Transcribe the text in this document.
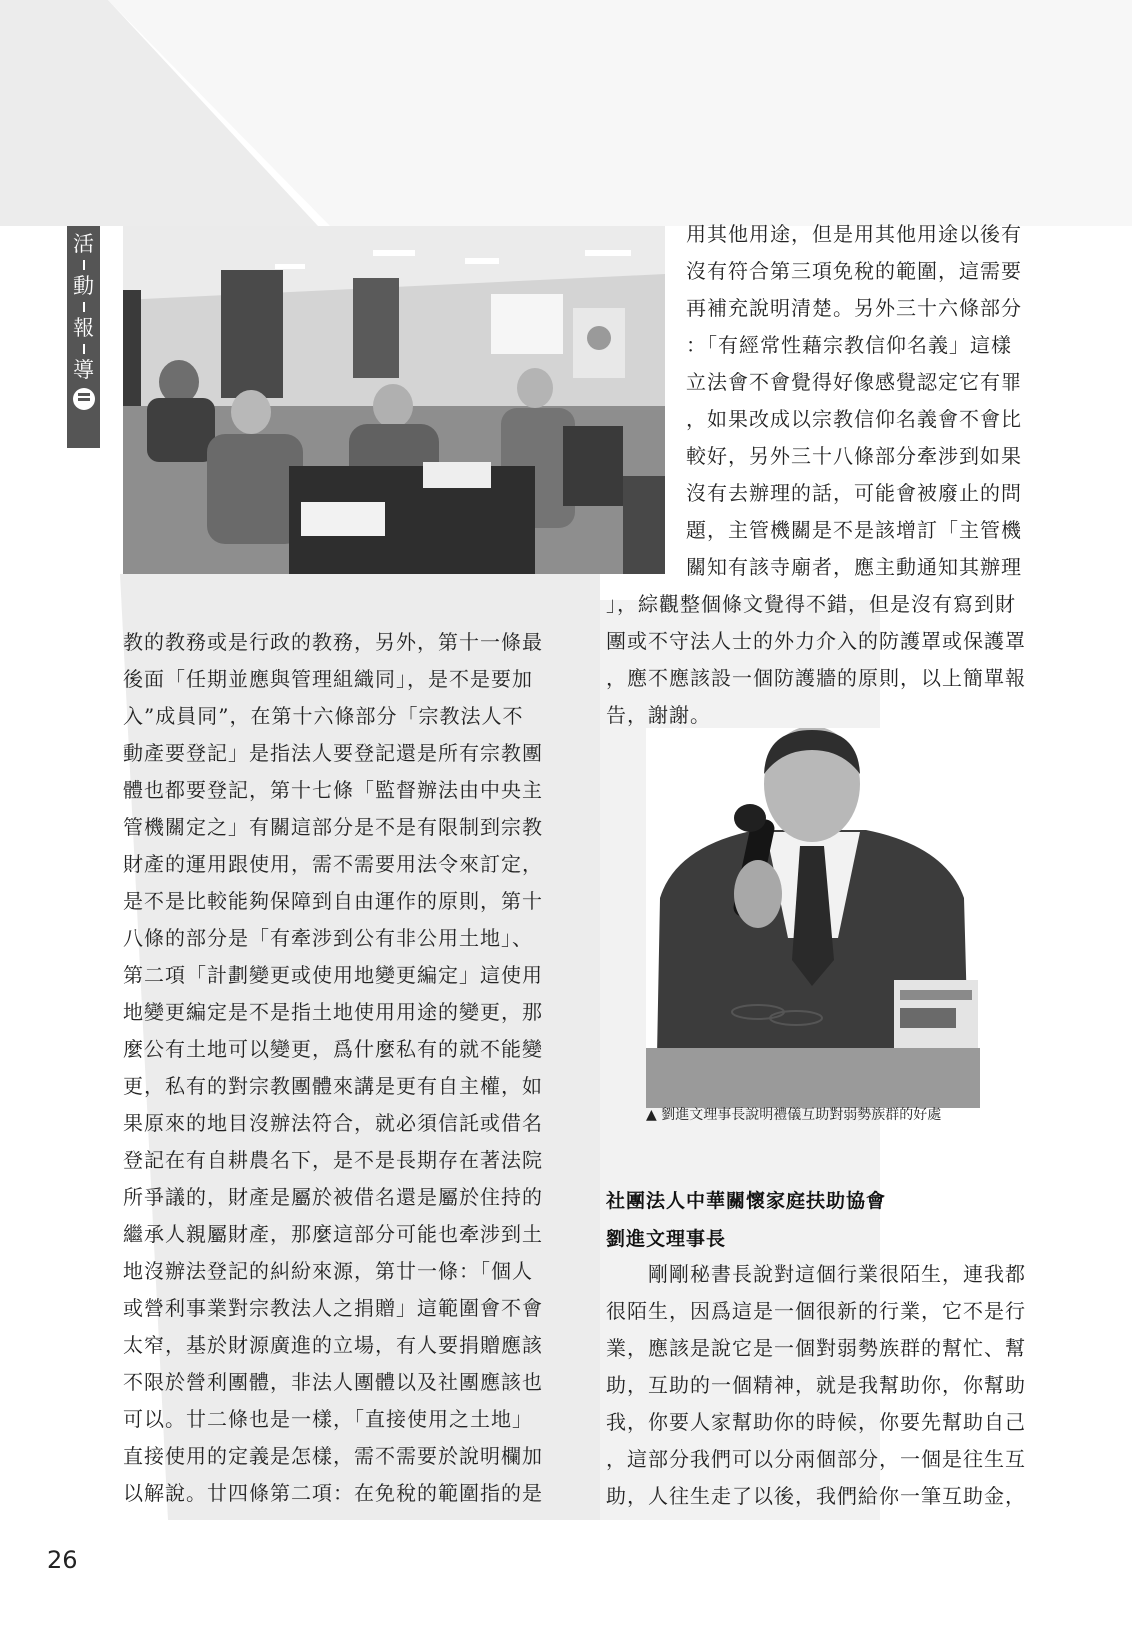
活
動
報
導

用其他用途，但是用其他用途以後有

沒有符合第三項免稅的範圍，這需要

再補充說明清楚。另外三十六條部分

：「有經常性藉宗教信仰名義」這樣

立法會不會覺得好像感覺認定它有罪

，如果改成以宗教信仰名義會不會比

較好，另外三十八條部分牽涉到如果

沒有去辦理的話，可能會被廢止的問

題，主管機關是不是該增訂「主管機

關知有該寺廟者，應主動通知其辦理

」，綜觀整個條文覺得不錯，但是沒有寫到財

團或不守法人士的外力介入的防護罩或保護罩

，應不應該設一個防護牆的原則，以上簡單報

告，謝謝。

教的教務或是行政的教務，另外，第十一條最

後面「任期並應與管理組織同」，是不是要加

入”成員同”，在第十六條部分「宗教法人不

動產要登記」是指法人要登記還是所有宗教團

體也都要登記，第十七條「監督辦法由中央主

管機關定之」有關這部分是不是有限制到宗教

財產的運用跟使用，需不需要用法令來訂定，

是不是比較能夠保障到自由運作的原則，第十

八條的部分是「有牽涉到公有非公用土地」、

第二項「計劃變更或使用地變更編定」這使用

地變更編定是不是指土地使用用途的變更，那

麼公有土地可以變更，爲什麼私有的就不能變

更，私有的對宗教團體來講是更有自主權，如

果原來的地目沒辦法符合，就必須信託或借名

登記在有自耕農名下，是不是長期存在著法院

所爭議的，財產是屬於被借名還是屬於住持的

繼承人親屬財產，那麼這部分可能也牽涉到土

地沒辦法登記的糾紛來源，第廿一條：「個人

或營利事業對宗教法人之捐贈」這範圍會不會

太窄，基於財源廣進的立場，有人要捐贈應該

不限於營利團體，非法人團體以及社團應該也

可以。廿二條也是一樣，「直接使用之土地」

直接使用的定義是怎樣，需不需要於說明欄加

以解說。廿四條第二項：在免稅的範圍指的是

▲ 劉進文理事長說明禮儀互助對弱勢族群的好處
社團法人中華關懷家庭扶助協會
劉進文理事長

　　剛剛秘書長說對這個行業很陌生，連我都

很陌生，因爲這是一個很新的行業，它不是行

業，應該是說它是一個對弱勢族群的幫忙、幫

助，互助的一個精神，就是我幫助你，你幫助

我，你要人家幫助你的時候，你要先幫助自己

，這部分我們可以分兩個部分，一個是往生互

助，人往生走了以後，我們給你一筆互助金，

26
